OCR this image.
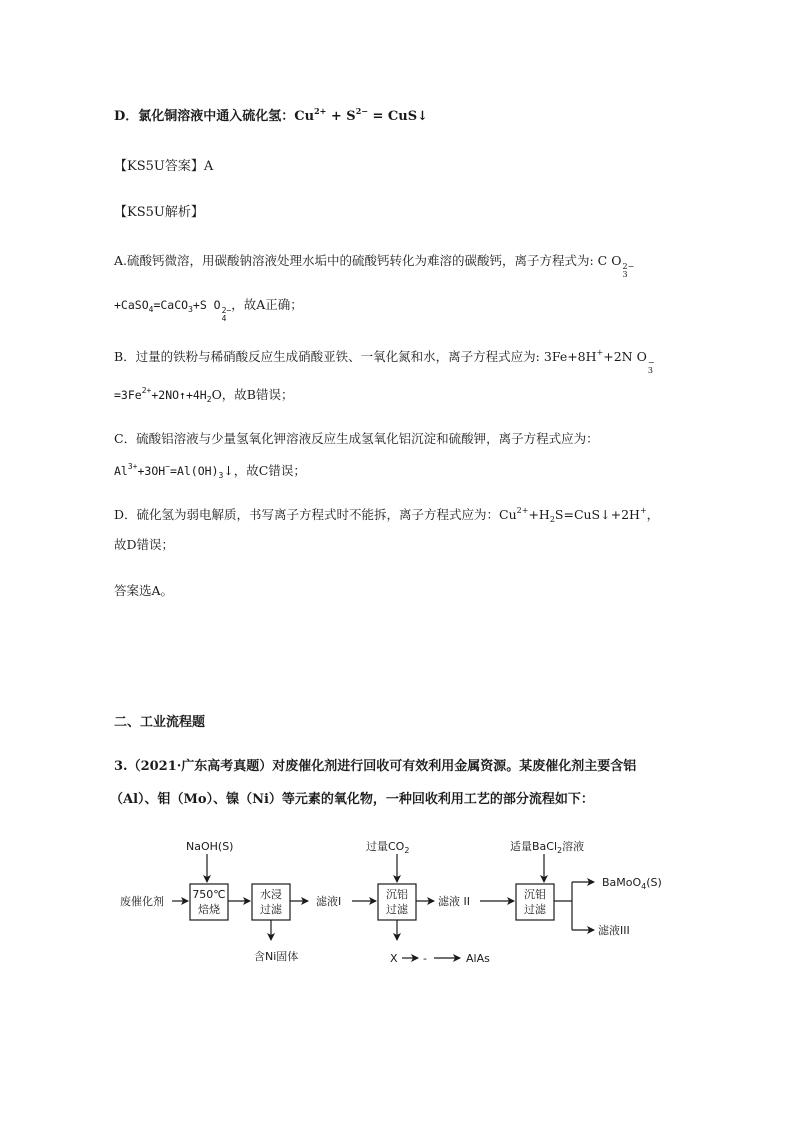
D．氯化铜溶液中通入硫化氢：$Cu^{2+} + S^{2-}$ = CuS↓
【KS5U答案】A
【KS5U解析】
A.硫酸钙微溶，用碳酸钠溶液处理水垢中的硫酸钙转化为难溶的碳酸钙，离子方程式为: C O 2−
3
+CaSO$_4$=CaCO$_3$+S O 2−
4
，故A正确；
B．过量的铁粉与稀硝酸反应生成硝酸亚铁、一氧化氮和水，离子方程式应为: 3Fe+8H++2N O −
3
$=3Fe^{2+}+2NO↑+4H_2O$，故B错误；
C．硫酸铝溶液与少量氢氧化钾溶液反应生成氢氧化铝沉淀和硫酸钾，离子方程式应为：
$Al^{3+}+3OH^-=Al(OH)_3↓$，故C错误；
D．硫化氢为弱电解质，书写离子方程式时不能拆，离子方程式应为：$Cu^{2+}+H_2S=CuS↓+2H^+$，
故D错误；
答案选A。
二、工业流程题
3.（2021·广东高考真题）对废催化剂进行回收可有效利用金属资源。某废催化剂主要含铝
（Al）、钼（Mo）、镍（Ni）等元素的氧化物，一种回收利用工艺的部分流程如下：
NaOH(S)	过量$CO_2$	适量BaCl$_2$溶液
废催化剂
750℃
焙烧
水浸
过滤
含Ni固体
滤液I
沉铝
过滤
X -	AlAs
滤液 II
沉钼
过滤
BaMoO$_4$(S)
滤液III
